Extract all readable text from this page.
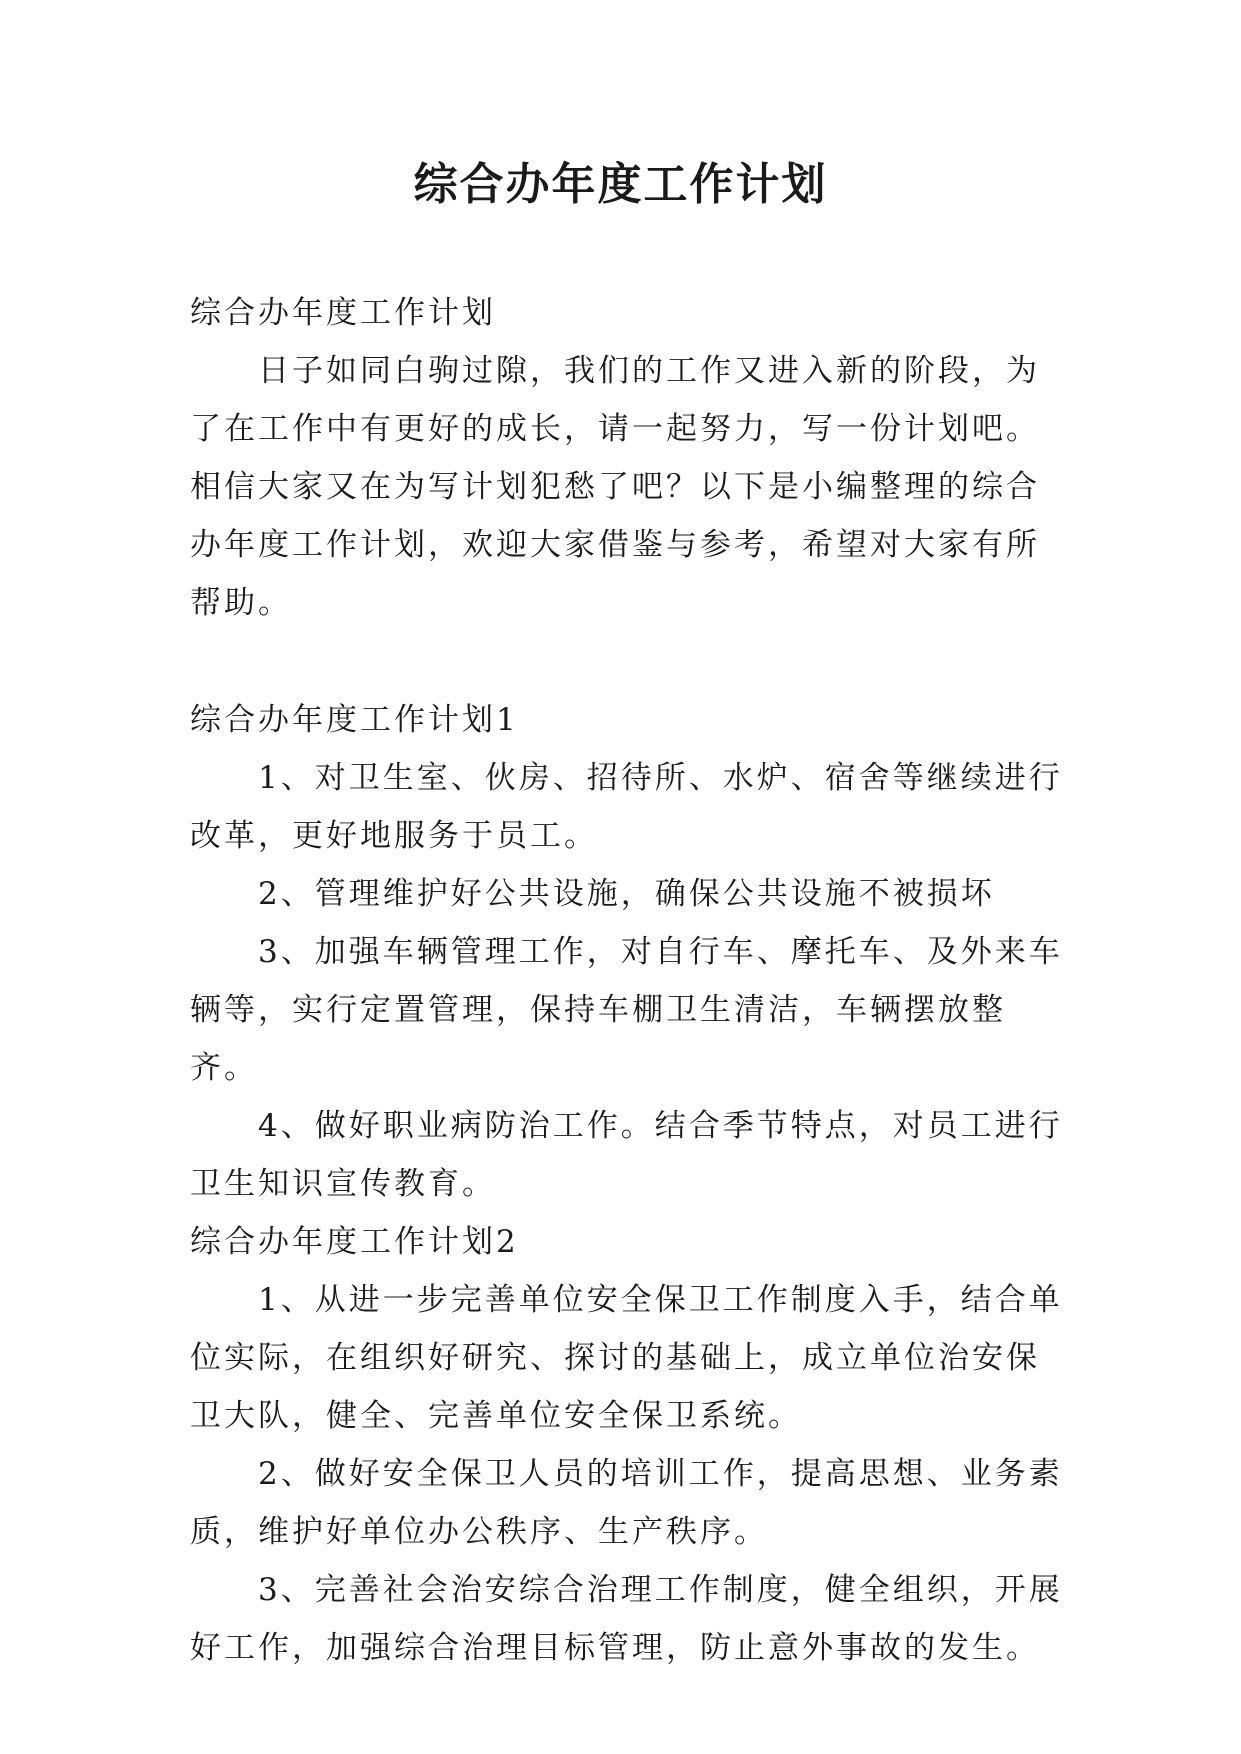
综合办年度工作计划

综合办年度工作计划

日子如同白驹过隙，我们的工作又进入新的阶段，为了在工作中有更好的成长，请一起努力，写一份计划吧。相信大家又在为写计划犯愁了吧？以下是小编整理的综合办年度工作计划，欢迎大家借鉴与参考，希望对大家有所帮助。

综合办年度工作计划1

1、对卫生室、伙房、招待所、水炉、宿舍等继续进行改革，更好地服务于员工。

2、管理维护好公共设施，确保公共设施不被损坏

3、加强车辆管理工作，对自行车、摩托车、及外来车辆等，实行定置管理，保持车棚卫生清洁，车辆摆放整齐。

4、做好职业病防治工作。结合季节特点，对员工进行卫生知识宣传教育。

综合办年度工作计划2

1、从进一步完善单位安全保卫工作制度入手，结合单位实际，在组织好研究、探讨的基础上，成立单位治安保卫大队，健全、完善单位安全保卫系统。

2、做好安全保卫人员的培训工作，提高思想、业务素质，维护好单位办公秩序、生产秩序。

3、完善社会治安综合治理工作制度，健全组织，开展好工作，加强综合治理目标管理，防止意外事故的发生。
